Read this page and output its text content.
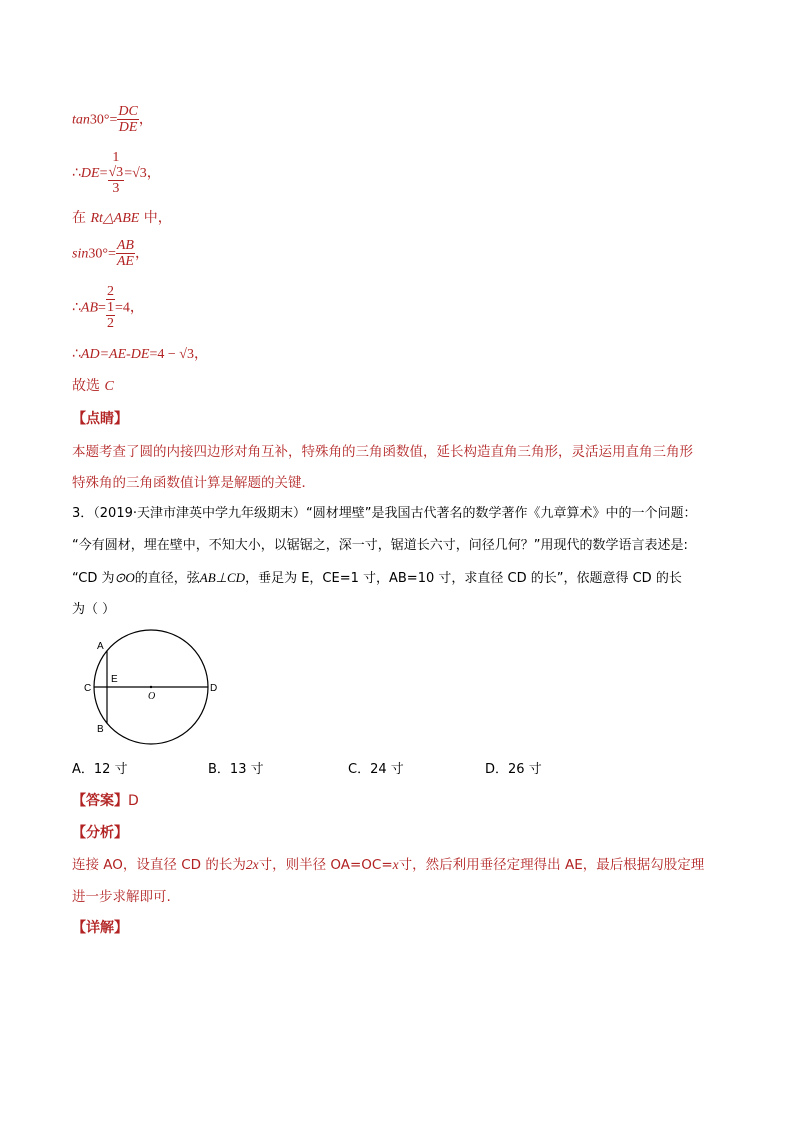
$\tan 30^\circ= \frac{DC}{DE}$ ，
∴DE=
1
√3
3
=√3，
在 Rt△ABE 中，
$\sin 30^\circ= \frac{AB}{AE}$ ，
∴AB= 2
1
2 =4，
∴AD=AE-DE=4 − √3，
故选 C
【点睛】
本题考查了圆的内接四边形对角互补，特殊角的三角函数值，延长构造直角三角形，灵活运用直角三角形
特殊角的三角函数值计算是解题的关键．
3．（2019·天津市津英中学九年级期末）“圆材埋壁”是我国古代著名的数学著作《九章算术》中的一个问题：
“今有圆材，埋在壁中，不知大小，以锯锯之，深一寸，锯道长六寸，问径几何？”用现代的数学语言表述是:
“CD 为⊙O的直径，弦AB⊥CD，垂足为 E，CE=1 寸，AB=10 寸，求直径 CD 的长”，依题意得 CD 的长
为（ ）
A
B
C	D
E
O
A．12 寸	B．13 寸	C．24 寸	D．26 寸
【答案】D
【分析】
连接 AO，设直径 CD 的长为2x寸，则半径 OA=OC=x寸，然后利用垂径定理得出 AE，最后根据勾股定理
进一步求解即可.
【详解】
